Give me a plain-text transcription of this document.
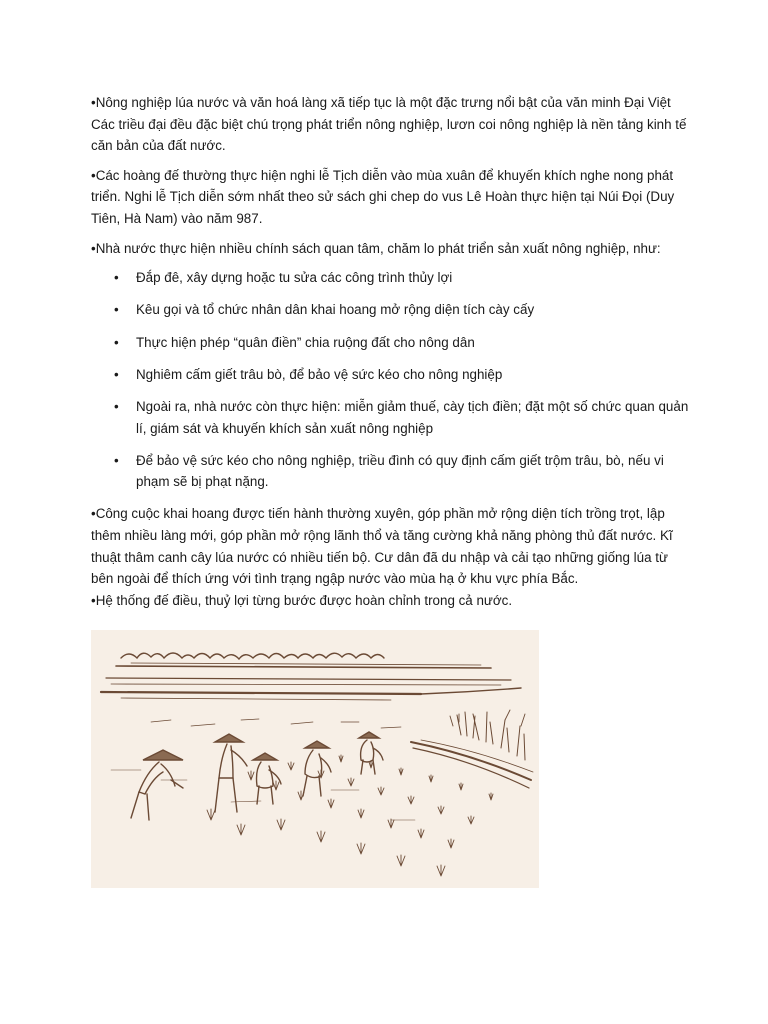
•Nông nghiệp lúa nước và văn hoá làng xã tiếp tục là một đặc trưng nổi bật của văn minh Đại Việt Các triều đại đều đặc biệt chú trọng phát triển nông nghiệp, lươn coi nông nghiệp là nền tảng kinh tế căn bản của đất nước.

•Các hoàng đế thường thực hiện nghi lễ Tịch diễn vào mùa xuân để khuyến khích nghe nong phát triển. Nghi lễ Tịch diễn sớm nhất theo sử sách ghi chep do vus Lê Hoàn thực hiện tại Núi Đọi (Duy Tiên, Hà Nam) vào năm 987.

•Nhà nước thực hiện nhiều chính sách quan tâm, chăm lo phát triển sản xuất nông nghiệp, như:

• Đắp đê, xây dựng hoặc tu sửa các công trình thủy lợi
• Kêu gọi và tổ chức nhân dân khai hoang mở rộng diện tích cày cấy
• Thực hiện phép “quân điền” chia ruộng đất cho nông dân
• Nghiêm cấm giết trâu bò, để bảo vệ sức kéo cho nông nghiệp
• Ngoài ra, nhà nước còn thực hiện: miễn giảm thuế, cày tịch điền; đặt một số chức quan quản lí, giám sát và khuyến khích sản xuất nông nghiệp
• Để bảo vệ sức kéo cho nông nghiệp, triều đình có quy định cấm giết trộm trâu, bò, nếu vi phạm sẽ bị phạt nặng.

•Công cuộc khai hoang được tiến hành thường xuyên, góp phần mở rộng diện tích trồng trọt, lập thêm nhiều làng mới, góp phần mở rộng lãnh thổ và tăng cường khả năng phòng thủ đất nước. Kĩ thuật thâm canh cây lúa nước có nhiều tiến bộ. Cư dân đã du nhập và cải tạo những giống lúa từ bên ngoài để thích ứng với tình trạng ngập nước vào mùa hạ ở khu vực phía Bắc.

•Hệ thống đế điều, thuỷ lợi từng bước được hoàn chỉnh trong cả nước.
